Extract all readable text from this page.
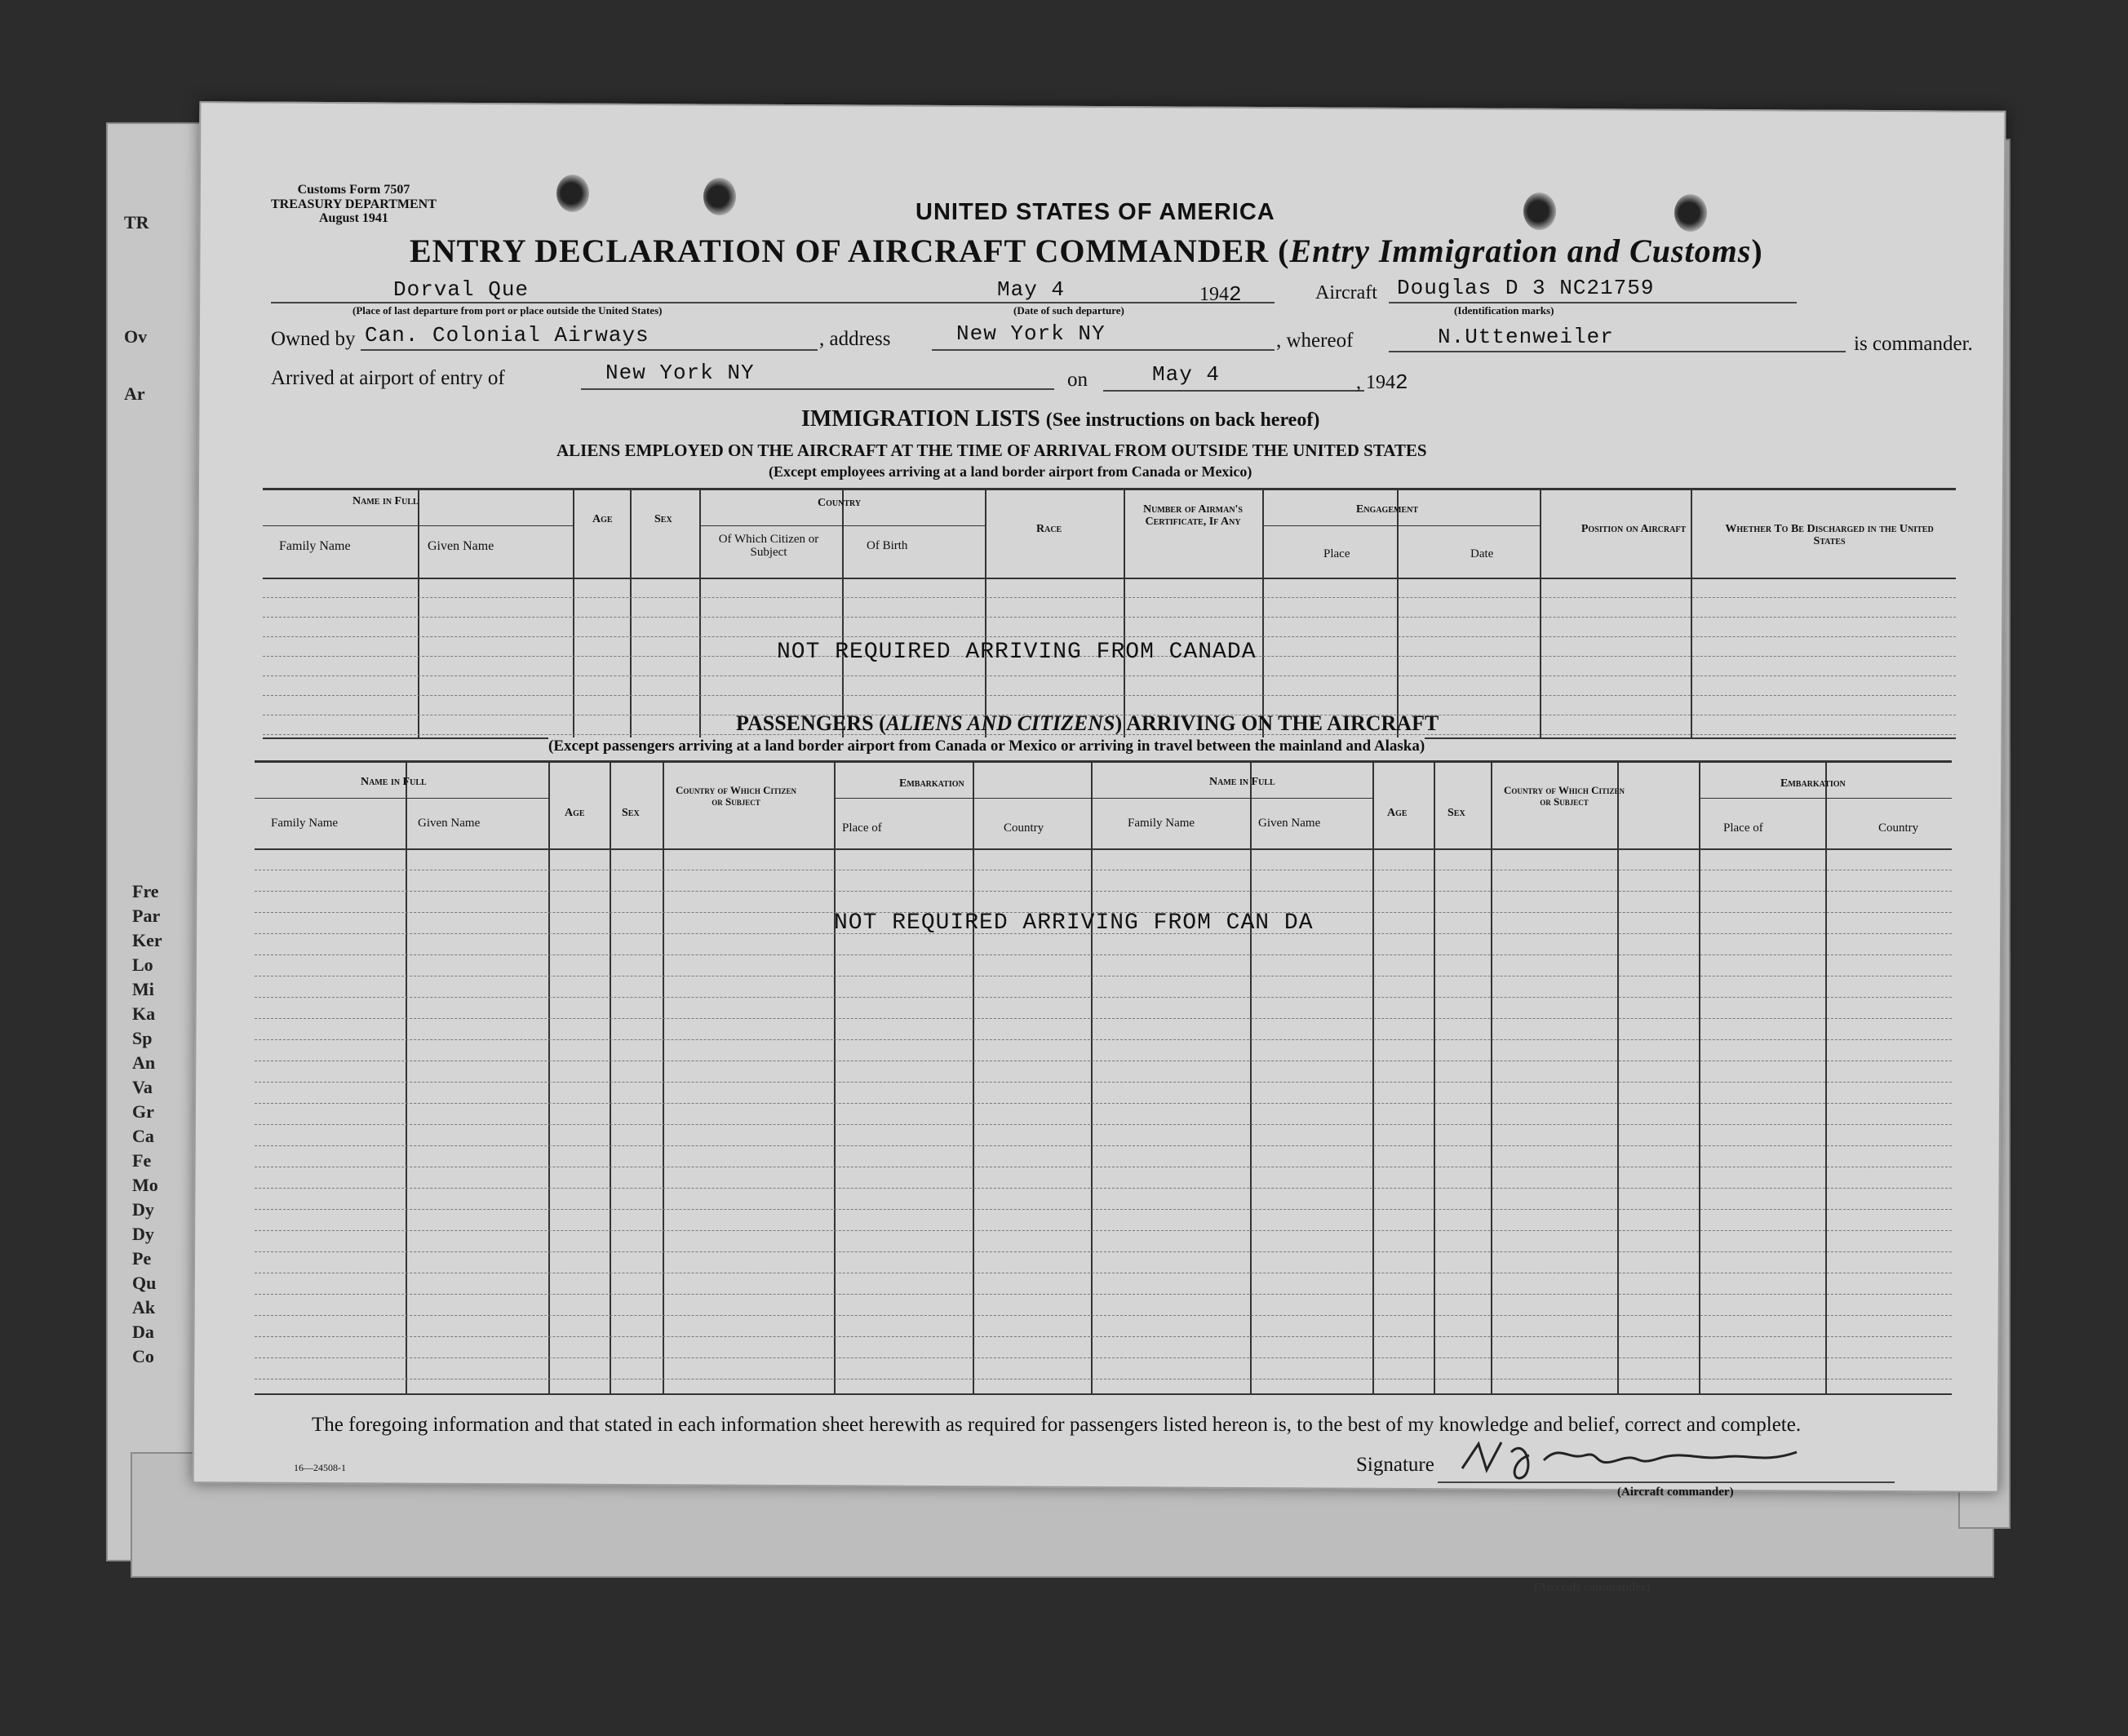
(Aircraft commander)
TR
Ov
Ar
Fre
Par
Ker
Lo
Mi
Ka
Sp
An
Va
Gr
Ca
Fe
Mo
Dy
Dy
Pe
Qu
Ak
Da
Co
Customs Form 7507
TREASURY DEPARTMENT
August 1941	UNITED STATES OF AMERICA
ENTRY DECLARATION OF AIRCRAFT COMMANDER (Entry Immigration and Customs)
Dorval Que
(Place of last departure from port or place outside the United States)
May 4
(Date of such departure)
1942	Aircraft Douglas D 3 NC21759
(Identification marks)
Owned by Can. Colonial Airways	, address	New York NY	, whereof	N.Uttenweiler	is commander.
Arrived at airport of entry of	New York NY	on	May 4	, 1942
IMMIGRATION LISTS (See instructions on back hereof)
ALIENS EMPLOYED ON THE AIRCRAFT AT THE TIME OF ARRIVAL FROM OUTSIDE THE UNITED STATES
(Except employees arriving at a land border airport from Canada or Mexico)
Name in Full
Family Name	Given Name
Age	Sex
Country
Of Which Citizen or Subject	Of Birth
Race
Number of Airman's Certificate, If Any
Engagement
Place	Date
Position on Aircraft	Whether To Be Discharged in the United States
NOT REQUIRED ARRIVING FROM CANADA
PASSENGERS (ALIENS AND CITIZENS) ARRIVING ON THE AIRCRAFT
(Except passengers arriving at a land border airport from Canada or Mexico or arriving in travel between the mainland and Alaska)
Name in Full
Family Name	Given Name
Age	Sex
Country of Which Citizen or Subject
Embarkation
Place of	Country
Name in Full
Family Name	Given Name
Age	Sex
Country of Which Citizen or Subject
Embarkation
Place of	Country
NOT REQUIRED ARRIVING FROM CAN DA
The foregoing information and that stated in each information sheet herewith as required for passengers listed hereon is, to the best of my knowledge and belief, correct and complete.
16—24508-1	Signature
(Aircraft commander)
